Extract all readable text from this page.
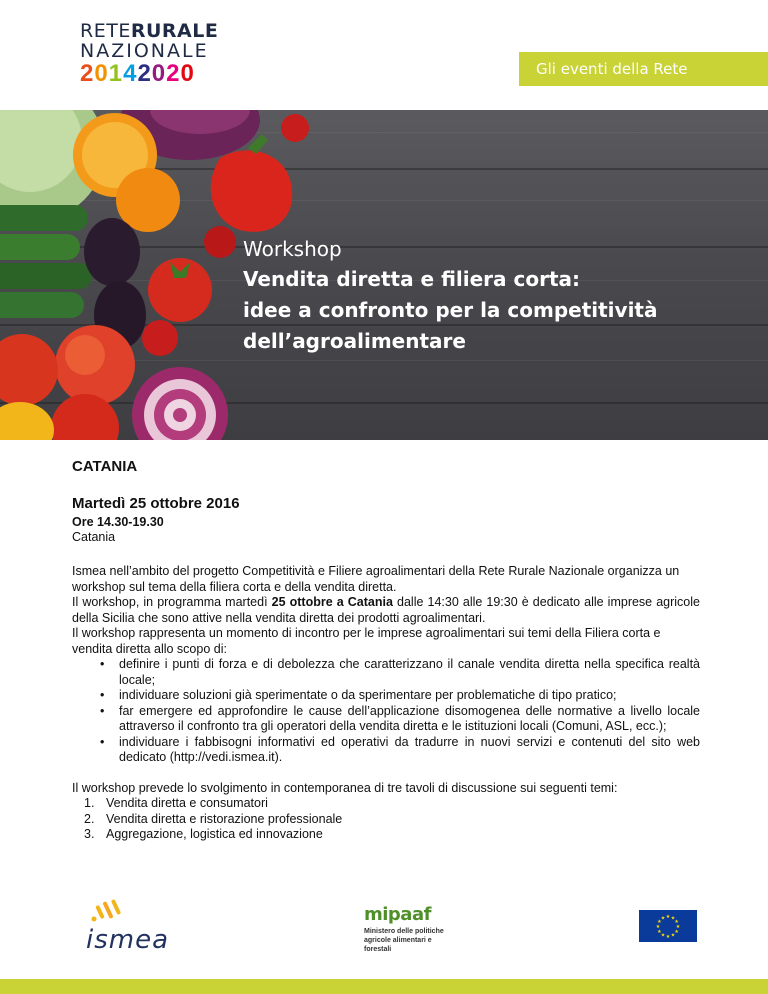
RETE RURALE
NAZIONALE
2 0 1 4 2 0 2 0	Gli eventi della Rete
Workshop
Vendita diretta e filiera corta:
idee a confronto per la competitività
dell’agroalimentare
CATANIA
Martedì 25 ottobre 2016
Ore 14.30-19.30
Catania

Ismea nell’ambito del progetto Competitività e Filiere agroalimentari della Rete Rurale Nazionale organizza un workshop sul tema della filiera corta e della vendita diretta.

Il workshop, in programma martedì 25 ottobre a Catania dalle 14:30 alle 19:30 è dedicato alle imprese agricole della Sicilia che sono attive nella vendita diretta dei prodotti agroalimentari.

Il workshop rappresenta un momento di incontro per le imprese agroalimentari sui temi della Filiera corta e vendita diretta allo scopo di:

• definire i punti di forza e di debolezza che caratterizzano il canale vendita diretta nella specifica realtà locale;
• individuare soluzioni già sperimentate o da sperimentare per problematiche di tipo pratico;
• far emergere ed approfondire le cause dell’applicazione disomogenea delle normative a livello locale attraverso il confronto tra gli operatori della vendita diretta e le istituzioni locali (Comuni, ASL, ecc.);
• individuare i fabbisogni informativi ed operativi da tradurre in nuovi servizi e contenuti del sito web dedicato (http://vedi.ismea.it).

Il workshop prevede lo svolgimento in contemporanea di tre tavoli di discussione sui seguenti temi:

1. Vendita diretta e consumatori
2. Vendita diretta e ristorazione professionale
3. Aggregazione, logistica ed innovazione
ismea
mipaaf
Ministero delle politiche agricole alimentari e forestali
★
★
★
★
★
★
★
★
★ ★ ★
★
